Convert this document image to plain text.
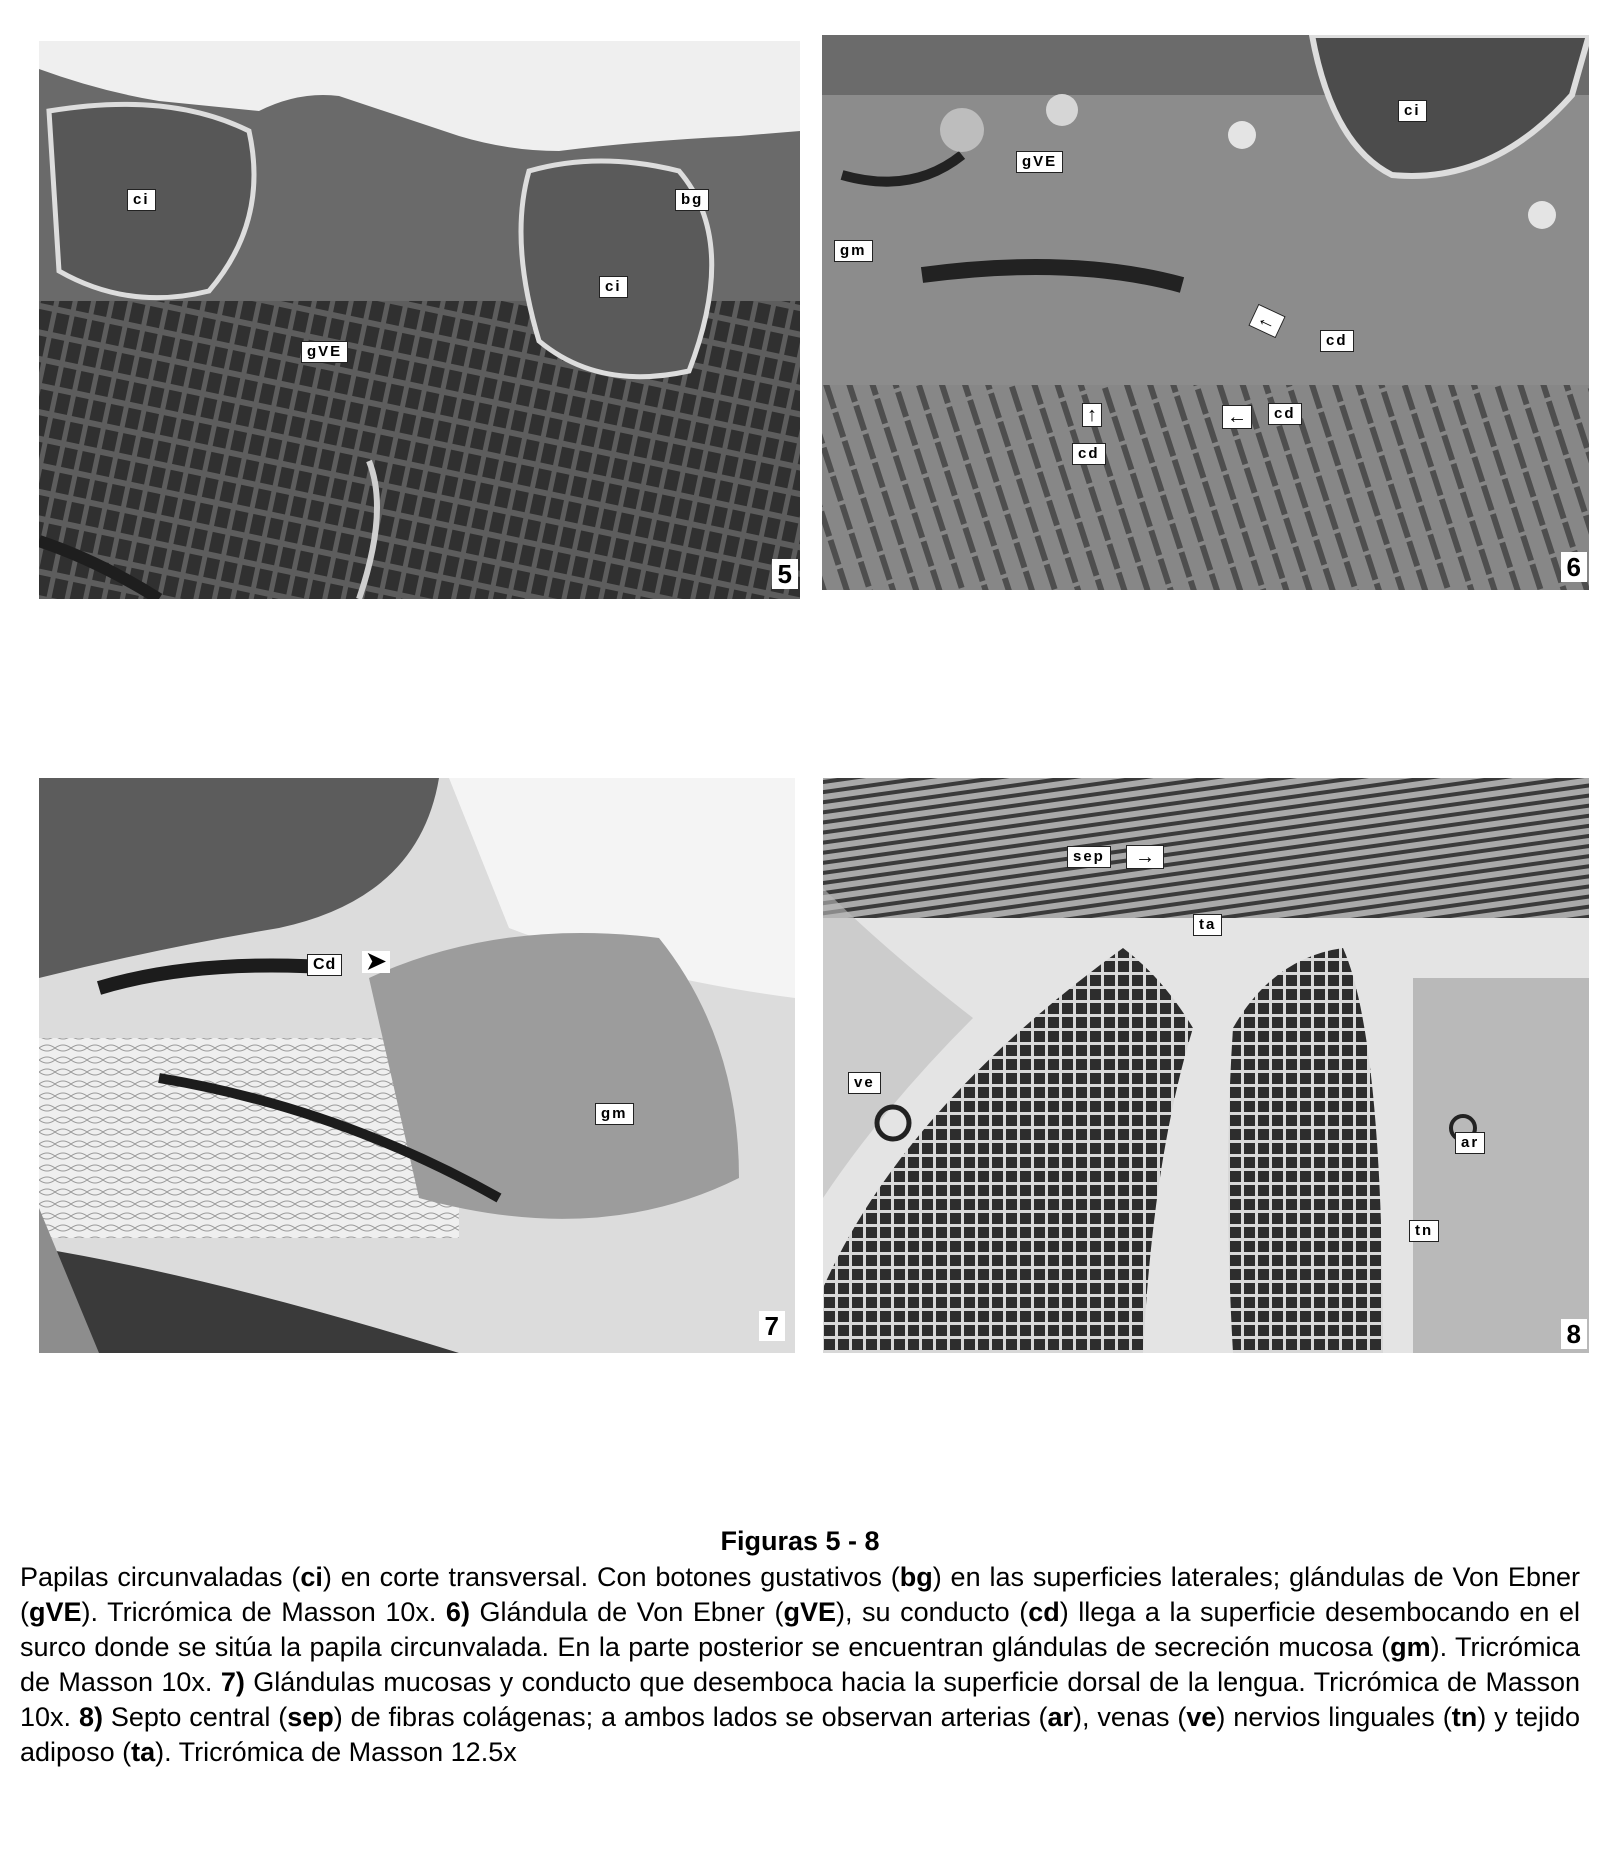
ci	bg
ci
gVE
5
ci
gVE
gm
←
cd
←	cd
↑
cd
6
Cd ➤
gm
7
sep	→
ta
ve
ar
tn
8
Figuras 5 - 8
Papilas circunvaladas (ci) en corte transversal. Con botones gustativos (bg) en las superficies laterales; glándulas de Von Ebner (gVE). Tricrómica de Masson 10x. 6) Glándula de Von Ebner (gVE), su conducto (cd) llega a la superficie desembocando en el surco donde se sitúa la papila circunvalada. En la parte posterior se encuentran glándulas de secreción mucosa (gm). Tricrómica de Masson 10x. 7) Glándulas mucosas y conducto que desemboca hacia la superficie dorsal de la lengua. Tricrómica de Masson 10x. 8) Septo central (sep) de fibras colágenas; a ambos lados se observan arterias (ar), venas (ve) nervios linguales (tn) y tejido adiposo (ta). Tricrómica de Masson 12.5x
